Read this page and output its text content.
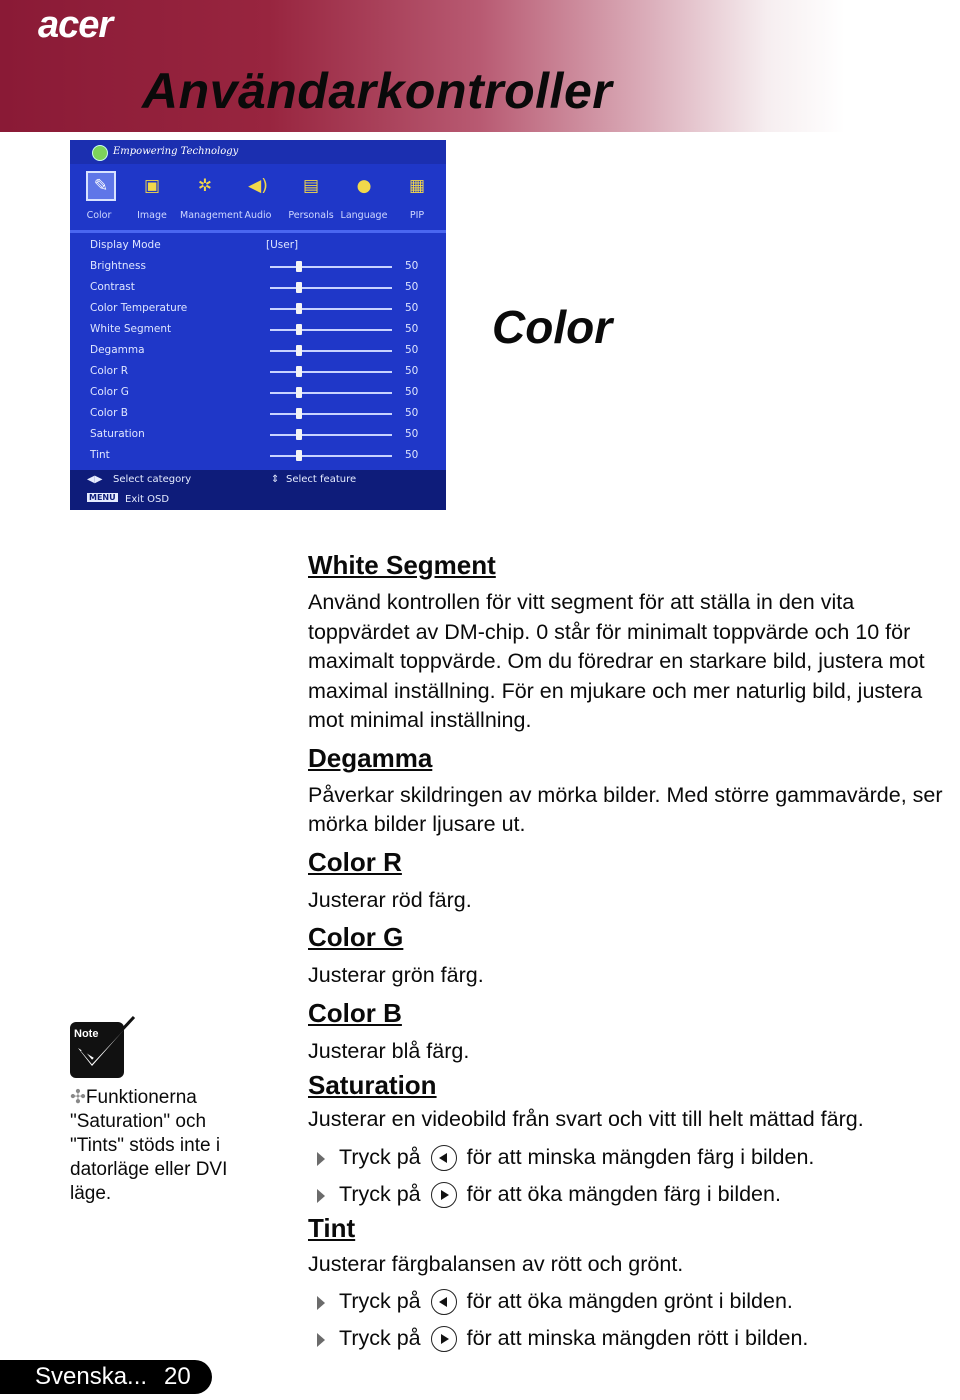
acer
Användarkontroller
Empowering Technology
✎
Color
▣
Image
✲
Management
◀)
Audio
▤
Personals
●
Language
▦
PIP
Display Mode	[User]
Brightness	50
Contrast	50
Color Temperature	50
White Segment	50
Degamma	50
Color R	50
Color G	50
Color B	50
Saturation	50
Tint	50
◀▶ Select category	⇕ Select feature
MENU Exit OSD
Color
White Segment

Använd kontrollen för vitt segment för att ställa in den vita toppvärdet av DM-chip. 0 står för minimalt toppvärde och 10 för maximalt toppvärde. Om du föredrar en starkare bild, justera mot maximal inställning. För en mjukare och mer naturlig bild, justera mot minimal inställning.

Degamma

Påverkar skildringen av mörka bilder. Med större gammavärde, ser mörka bilder ljusare ut.

Color R

Justerar röd färg.

Color G

Justerar grön färg.

Color B

Justerar blå färg.

Saturation

Justerar en videobild från svart och vitt till helt mättad färg.

Tryck på för att minska mängden färg i bilden.

Tryck på för att öka mängden färg i bilden.

Tint

Justerar färgbalansen av rött och grönt.

Tryck på för att öka mängden grönt i bilden.

Tryck på för att minska mängden rött i bilden.

Note
✣Funktionerna "Saturation" och "Tints" stöds inte i datorläge eller DVI läge.
Svenska... 20
